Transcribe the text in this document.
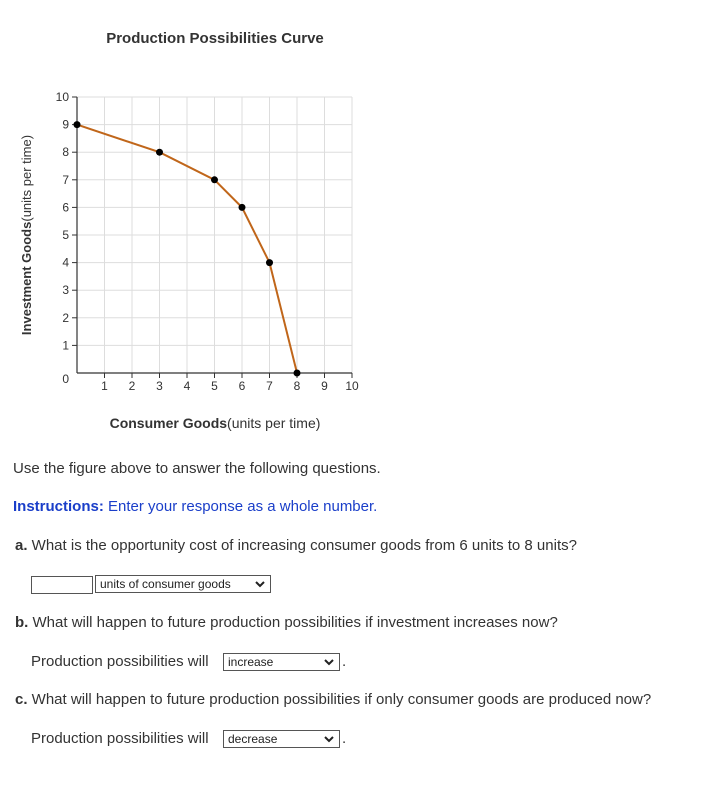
Production Possibilities Curve
1 2 3 4 5 6 7 8 9 10
1
2
3
4
5
6
7
8
9
10
0
Consumer Goods(units per time)
Investment Goods(units per time)
Use the figure above to answer the following questions.
Instructions: Enter your response as a whole number.
a. What is the opportunity cost of increasing consumer goods from 6 units to 8 units?
units of consumer goods
b. What will happen to future production possibilities if investment increases now?
Production possibilities will	increase	.
c. What will happen to future production possibilities if only consumer goods are produced now?
Production possibilities will	decrease	.
